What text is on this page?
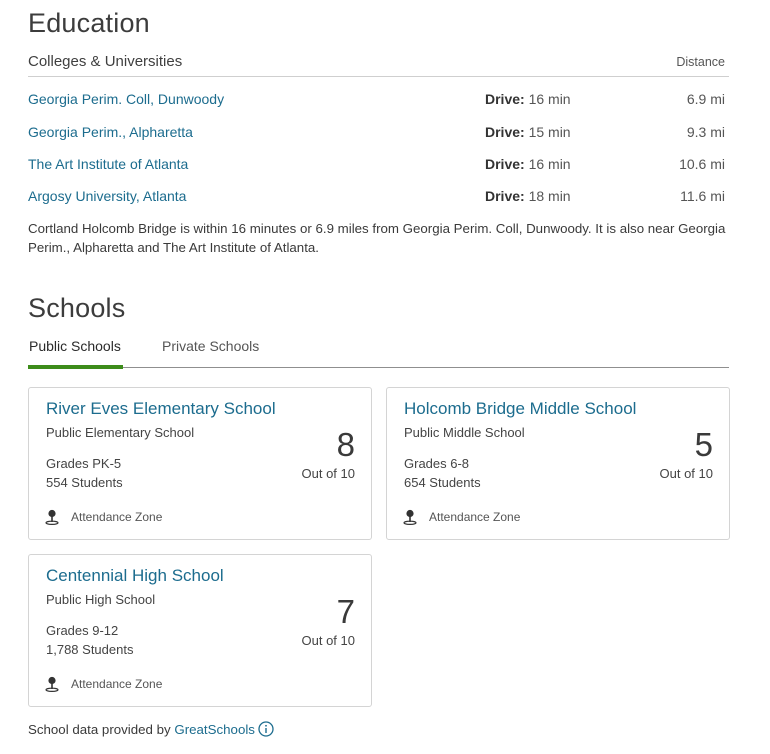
Education
Colleges & Universities	Distance
Georgia Perim. Coll, Dunwoody	Drive: 16 min	6.9 mi
Georgia Perim., Alpharetta	Drive: 15 min	9.3 mi
The Art Institute of Atlanta	Drive: 16 min	10.6 mi
Argosy University, Atlanta	Drive: 18 min	11.6 mi
Cortland Holcomb Bridge is within 16 minutes or 6.9 miles from Georgia Perim. Coll, Dunwoody. It is also near Georgia Perim., Alpharetta and The Art Institute of Atlanta.
Schools
Public Schools	Private Schools
River Eves Elementary School
Public Elementary School	8
Out of 10
Grades PK-5
554 Students
Attendance Zone
Holcomb Bridge Middle School
Public Middle School	5
Out of 10
Grades 6-8
654 Students
Attendance Zone
Centennial High School
Public High School	7
Out of 10
Grades 9-12
1,788 Students
Attendance Zone
School data provided by GreatSchools
